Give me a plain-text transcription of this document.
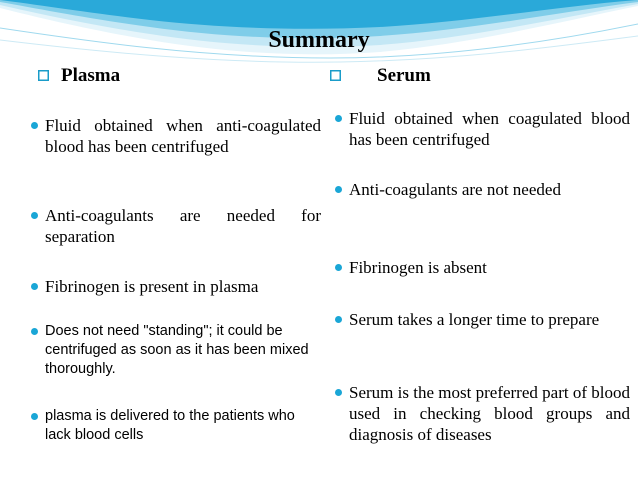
Summary
Plasma
Fluid obtained when anti-coagulated blood has been centrifuged
Anti-coagulants are needed for separation
Fibrinogen is present in plasma
Does not need "standing"; it could be centrifuged as soon as it has been mixed thoroughly.
plasma is delivered to the patients who lack blood cells
Serum
Fluid obtained when coagulated blood has been centrifuged
Anti-coagulants are not needed
Fibrinogen is absent
Serum takes a longer time to prepare
Serum is the most preferred part of blood used in checking blood groups and diagnosis of diseases
